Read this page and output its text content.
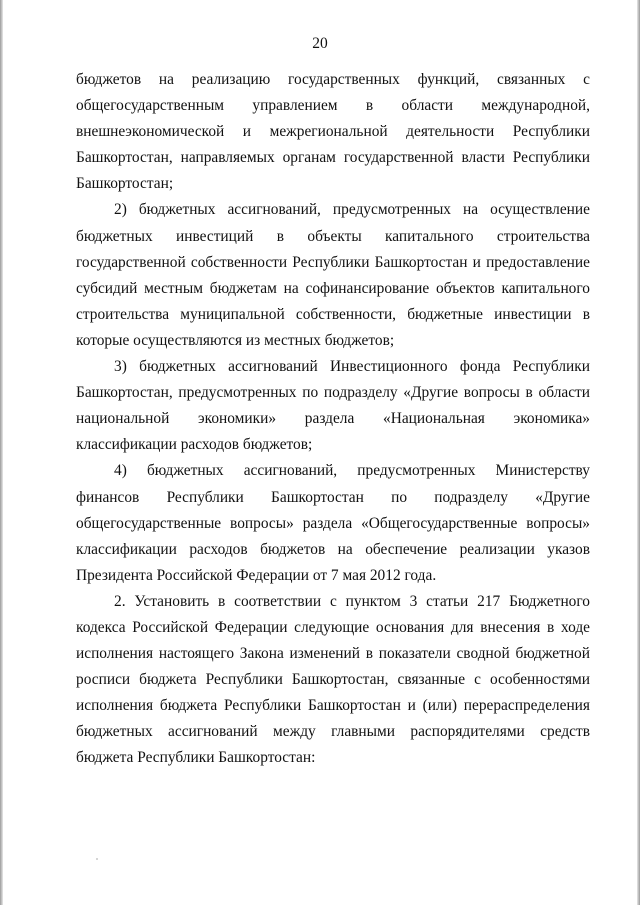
20

бюджетов на реализацию государственных функций, связанных с общегосударственным управлением в области международной, внешнеэкономической и межрегиональной деятельности Республики Башкортостан, направляемых органам государственной власти Республики Башкортостан;

2) бюджетных ассигнований, предусмотренных на осуществление бюджетных инвестиций в объекты капитального строительства государственной собственности Республики Башкортостан и предоставление субсидий местным бюджетам на софинансирование объектов капитального строительства муниципальной собственности, бюджетные инвестиции в которые осуществляются из местных бюджетов;

3) бюджетных ассигнований Инвестиционного фонда Республики Башкортостан, предусмотренных по подразделу «Другие вопросы в области национальной экономики» раздела «Национальная экономика» классификации расходов бюджетов;

4) бюджетных ассигнований, предусмотренных Министерству финансов Республики Башкортостан по подразделу «Другие общегосударственные вопросы» раздела «Общегосударственные вопросы» классификации расходов бюджетов на обеспечение реализации указов Президента Российской Федерации от 7 мая 2012 года.

2. Установить в соответствии с пунктом 3 статьи 217 Бюджетного кодекса Российской Федерации следующие основания для внесения в ходе исполнения настоящего Закона изменений в показатели сводной бюджетной росписи бюджета Республики Башкортостан, связанные с особенностями исполнения бюджета Республики Башкортостан и (или) перераспределения бюджетных ассигнований между главными распорядителями средств бюджета Республики Башкортостан:
